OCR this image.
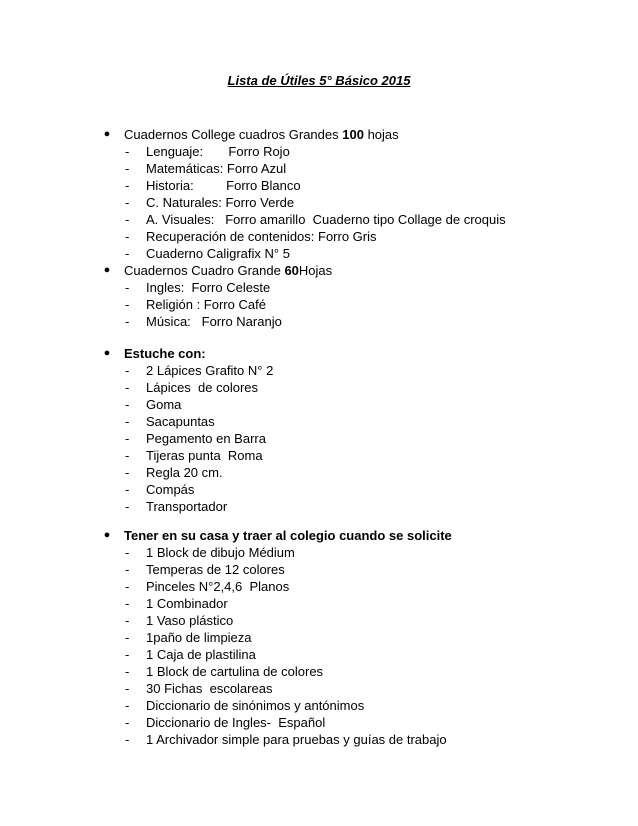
Lista de Útiles 5° Básico 2015
● Cuadernos College cuadros Grandes 100 hojas
- Lenguaje:       Forro Rojo
- Matemáticas: Forro Azul
- Historia:         Forro Blanco
- C. Naturales: Forro Verde
- A. Visuales:   Forro amarillo  Cuaderno tipo Collage de croquis
- Recuperación de contenidos: Forro Gris
- Cuaderno Caligrafix N° 5
● Cuadernos Cuadro Grande 60Hojas
- Ingles:  Forro Celeste
- Religión : Forro Café
- Música:   Forro Naranjo
● Estuche con:
- 2 Lápices Grafito N° 2
- Lápices  de colores
- Goma
- Sacapuntas
- Pegamento en Barra
- Tijeras punta  Roma
- Regla 20 cm.
- Compás
- Transportador
● Tener en su casa y traer al colegio cuando se solicite
- 1 Block de dibujo Médium
- Temperas de 12 colores
- Pinceles N°2,4,6  Planos
- 1 Combinador
- 1 Vaso plástico
- 1paño de limpieza
- 1 Caja de plastilina
- 1 Block de cartulina de colores
- 30 Fichas  escolareas
- Diccionario de sinónimos y antónimos
- Diccionario de Ingles-  Español
- 1 Archivador simple para pruebas y guías de trabajo
